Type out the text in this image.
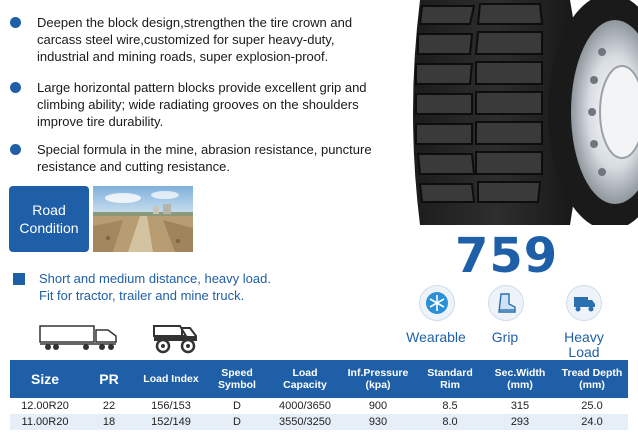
Deepen the block design,strengthen the tire crown and carcass steel wire,customized for super heavy-duty, industrial and mining roads, super explosion-proof.
Large horizontal pattern blocks provide excellent grip and climbing ability; wide radiating grooves on the shoulders improve tire durability.
Special formula in the mine, abrasion resistance, puncture resistance and cutting resistance.
Road
Condition
Short and medium distance, heavy load.
Fit for tractor, trailer and mine truck.
759
Wearable	Grip	Heavy Load
Size	PR	Load Index	Speed Symbol	Load Capacity	Inf.Pressure (kpa)	Standard Rim	Sec.Width (mm)	Tread Depth (mm)
12.00R20	22	156/153	D	4000/3650	900	8.5	315	25.0
11.00R20	18	152/149	D	3550/3250	930	8.0	293	24.0
